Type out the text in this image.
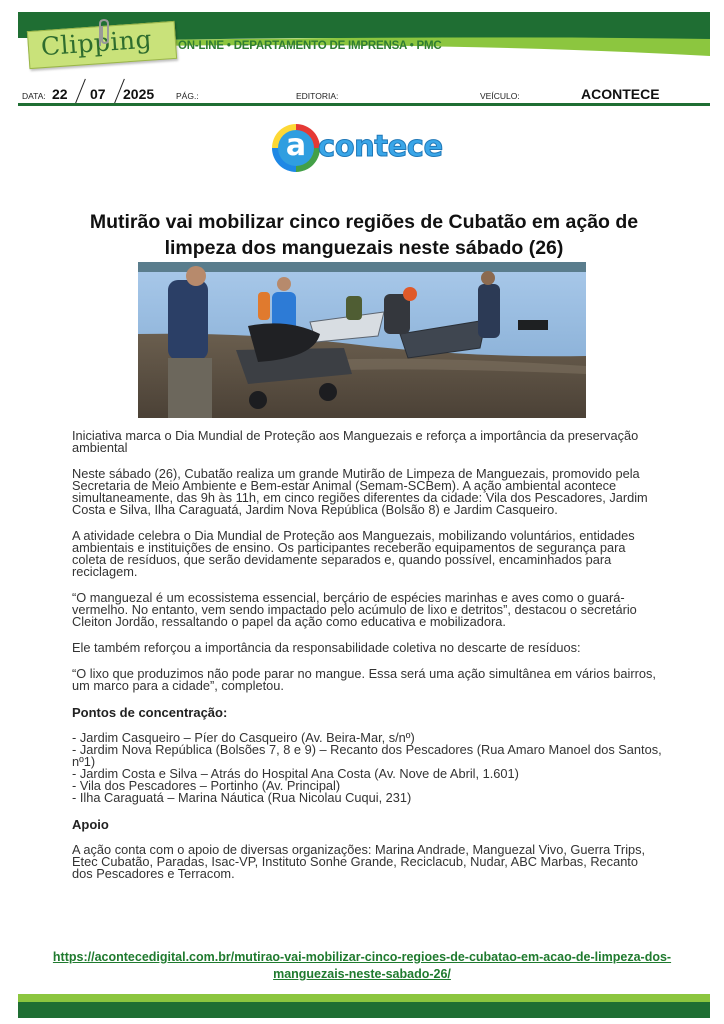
Clipping ON-LINE • DEPARTAMENTO DE IMPRENSA • PMC
DATA: 22 07 2025	PÁG.:	EDITORIA:	VEÍCULO:	ACONTECE
a contece
Mutirão vai mobilizar cinco regiões de Cubatão em ação de limpeza dos manguezais neste sábado (26)

Iniciativa marca o Dia Mundial de Proteção aos Manguezais e reforça a importância da preservação ambiental

Neste sábado (26), Cubatão realiza um grande Mutirão de Limpeza de Manguezais, promovido pela Secretaria de Meio Ambiente e Bem-estar Animal (Semam-SCBem). A ação ambiental acontece simultaneamente, das 9h às 11h, em cinco regiões diferentes da cidade: Vila dos Pescadores, Jardim Costa e Silva, Ilha Caraguatá, Jardim Nova República (Bolsão 8) e Jardim Casqueiro.

A atividade celebra o Dia Mundial de Proteção aos Manguezais, mobilizando voluntários, entidades ambientais e instituições de ensino. Os participantes receberão equipamentos de segurança para coleta de resíduos, que serão devidamente separados e, quando possível, encaminhados para reciclagem.

“O manguezal é um ecossistema essencial, berçário de espécies marinhas e aves como o guará-vermelho. No entanto, vem sendo impactado pelo acúmulo de lixo e detritos”, destacou o secretário Cleiton Jordão, ressaltando o papel da ação como educativa e mobilizadora.

Ele também reforçou a importância da responsabilidade coletiva no descarte de resíduos:

“O lixo que produzimos não pode parar no mangue. Essa será uma ação simultânea em vários bairros, um marco para a cidade”, completou.

Pontos de concentração:

- Jardim Casqueiro – Píer do Casqueiro (Av. Beira-Mar, s/nº)
- Jardim Nova República (Bolsões 7, 8 e 9) – Recanto dos Pescadores (Rua Amaro Manoel dos Santos, nº1)
- Jardim Costa e Silva – Atrás do Hospital Ana Costa (Av. Nove de Abril, 1.601)
- Vila dos Pescadores – Portinho (Av. Principal)
- Ilha Caraguatá – Marina Náutica (Rua Nicolau Cuqui, 231)

Apoio

A ação conta com o apoio de diversas organizações: Marina Andrade, Manguezal Vivo, Guerra Trips, Etec Cubatão, Paradas, Isac-VP, Instituto Sonhe Grande, Reciclacub, Nudar, ABC Marbas, Recanto dos Pescadores e Terracom.

https://acontecedigital.com.br/mutirao-vai-mobilizar-cinco-regioes-de-cubatao-em-acao-de-limpeza-dos-manguezais-neste-sabado-26/
